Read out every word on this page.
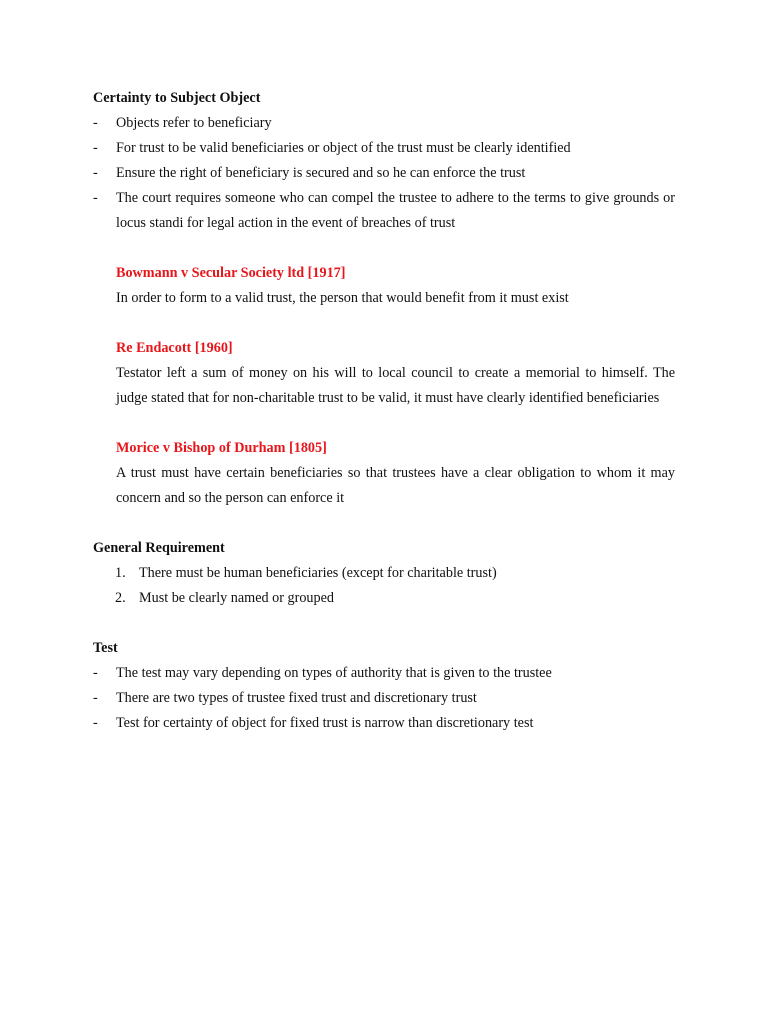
Certainty to Subject Object
-	Objects refer to beneficiary
-	For trust to be valid beneficiaries or object of the trust must be clearly identified
-	Ensure the right of beneficiary is secured and so he can enforce the trust
-	The court requires someone who can compel the trustee to adhere to the terms to give grounds or locus standi for legal action in the event of breaches of trust
Bowmann v Secular Society ltd [1917]
In order to form to a valid trust, the person that would benefit from it must exist
Re Endacott [1960]
Testator left a sum of money on his will to local council to create a memorial to himself. The judge stated that for non-charitable trust to be valid, it must have clearly identified beneficiaries
Morice v Bishop of Durham [1805]
A trust must have certain beneficiaries so that trustees have a clear obligation to whom it may concern and so the person can enforce it
General Requirement
1. There must be human beneficiaries (except for charitable trust)
2. Must be clearly named or grouped
Test
-	The test may vary depending on types of authority that is given to the trustee
-	There are two types of trustee fixed trust and discretionary trust
-	Test for certainty of object for fixed trust is narrow than discretionary test
